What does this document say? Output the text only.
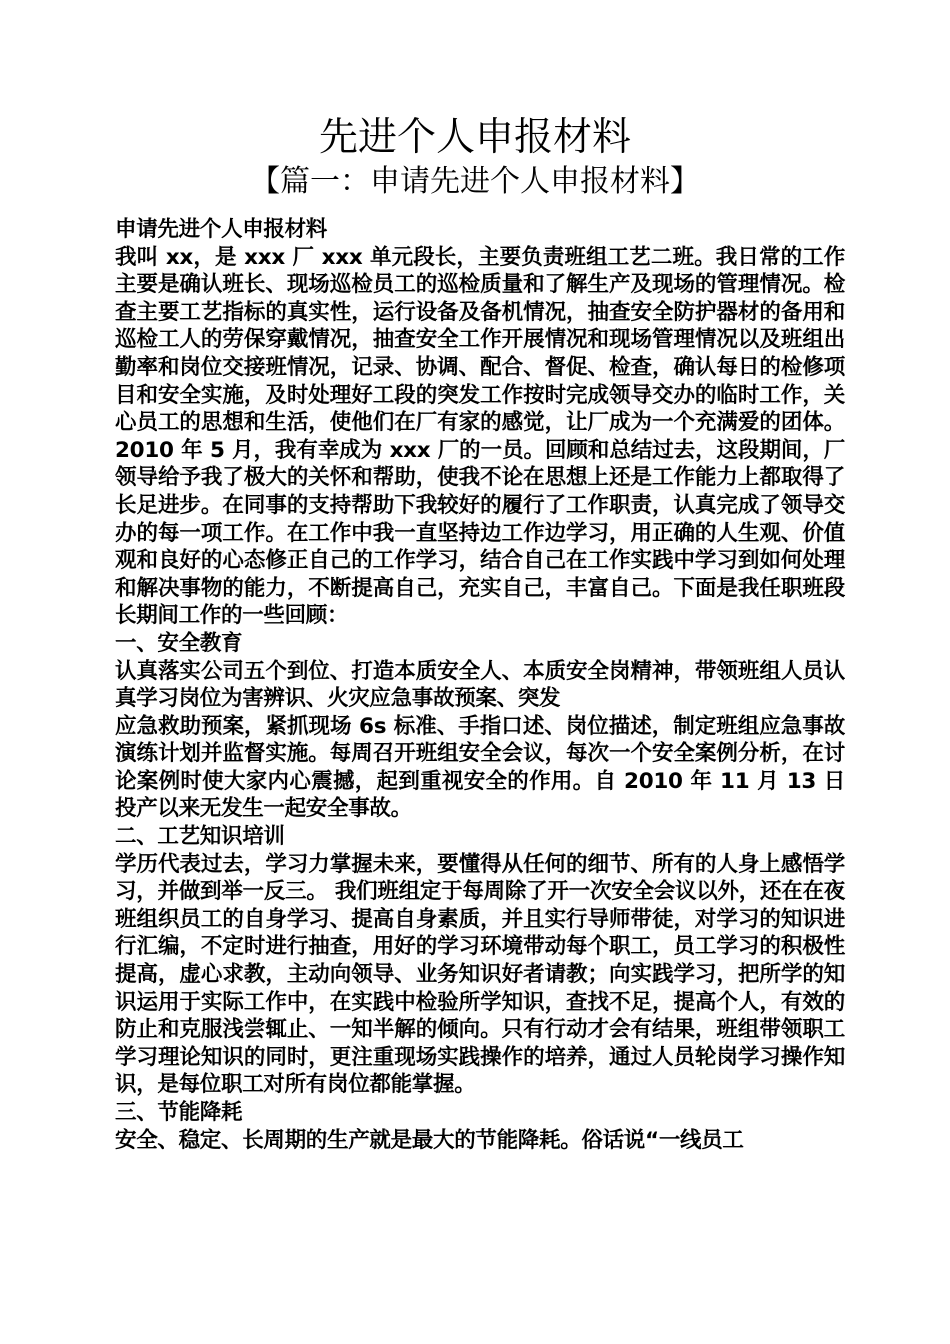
先进个人申报材料
【篇一：申请先进个人申报材料】

申请先进个人申报材料

我叫 xx，是 xxx 厂 xxx 单元段长，主要负责班组工艺二班。我日常的工作主要是确认班长、现场巡检员工的巡检质量和了解生产及现场的管理情况。检查主要工艺指标的真实性，运行设备及备机情况，抽查安全防护器材的备用和巡检工人的劳保穿戴情况，抽查安全工作开展情况和现场管理情况以及班组出勤率和岗位交接班情况，记录、协调、配合、督促、检查，确认每日的检修项目和安全实施，及时处理好工段的突发工作按时完成领导交办的临时工作，关心员工的思想和生活，使他们在厂有家的感觉，让厂成为一个充满爱的团体。 2010 年 5 月，我有幸成为 xxx 厂的一员。回顾和总结过去，这段期间，厂领导给予我了极大的关怀和帮助，使我不论在思想上还是工作能力上都取得了长足进步。在同事的支持帮助下我较好的履行了工作职责，认真完成了领导交办的每一项工作。在工作中我一直坚持边工作边学习，用正确的人生观、价值观和良好的心态修正自己的工作学习，结合自己在工作实践中学习到如何处理和解决事物的能力，不断提高自己，充实自己，丰富自己。下面是我任职班段长期间工作的一些回顾：

一、安全教育

认真落实公司五个到位、打造本质安全人、本质安全岗精神，带领班组人员认真学习岗位为害辨识、火灾应急事故预案、突发

应急救助预案，紧抓现场 6s 标准、手指口述、岗位描述，制定班组应急事故演练计划并监督实施。每周召开班组安全会议，每次一个安全案例分析，在讨论案例时使大家内心震撼，起到重视安全的作用。自 2010 年 11 月 13 日投产以来无发生一起安全事故。

二、工艺知识培训

学历代表过去，学习力掌握未来，要懂得从任何的细节、所有的人身上感悟学习，并做到举一反三。 我们班组定于每周除了开一次安全会议以外，还在在夜班组织员工的自身学习、提高自身素质，并且实行导师带徒，对学习的知识进行汇编，不定时进行抽查，用好的学习环境带动每个职工，员工学习的积极性提高，虚心求教，主动向领导、业务知识好者请教；向实践学习，把所学的知识运用于实际工作中，在实践中检验所学知识，查找不足，提高个人，有效的防止和克服浅尝辄止、一知半解的倾向。只有行动才会有结果，班组带领职工学习理论知识的同时，更注重现场实践操作的培养，通过人员轮岗学习操作知识，是每位职工对所有岗位都能掌握。

三、节能降耗

安全、稳定、长周期的生产就是最大的节能降耗。俗话说“一线员工
